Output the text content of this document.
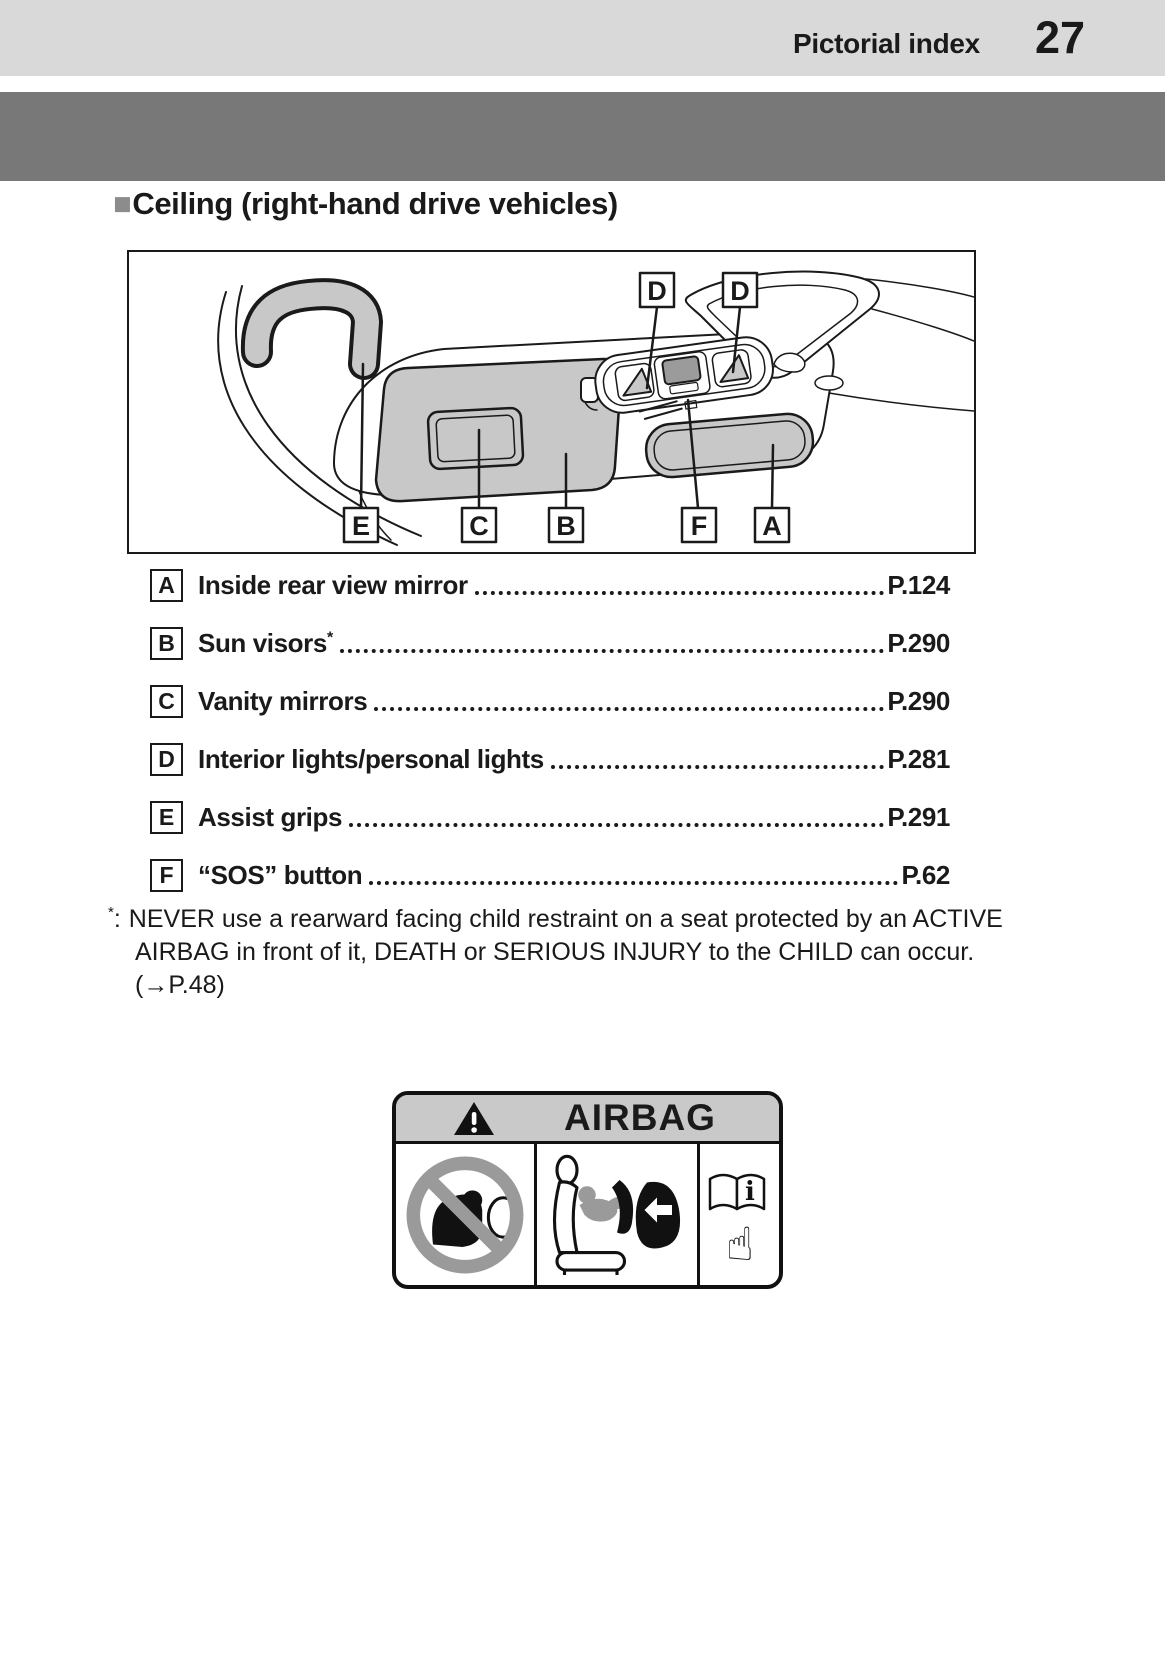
Pictorial index 27
■Ceiling (right-hand drive vehicles)
D D
E	C	B	F A
A Inside rear view mirror	P.124
B Sun visors*	P.290
C Vanity mirrors	P.290
D Interior lights/personal lights	P.281
E Assist grips	P.291
F “SOS” button	P.62
*: NEVER use a rearward facing child restraint on a seat protected by an ACTIVE
AIRBAG in front of it, DEATH or SERIOUS INJURY to the CHILD can occur.
(→P.48)
AIRBAG
i
☝
